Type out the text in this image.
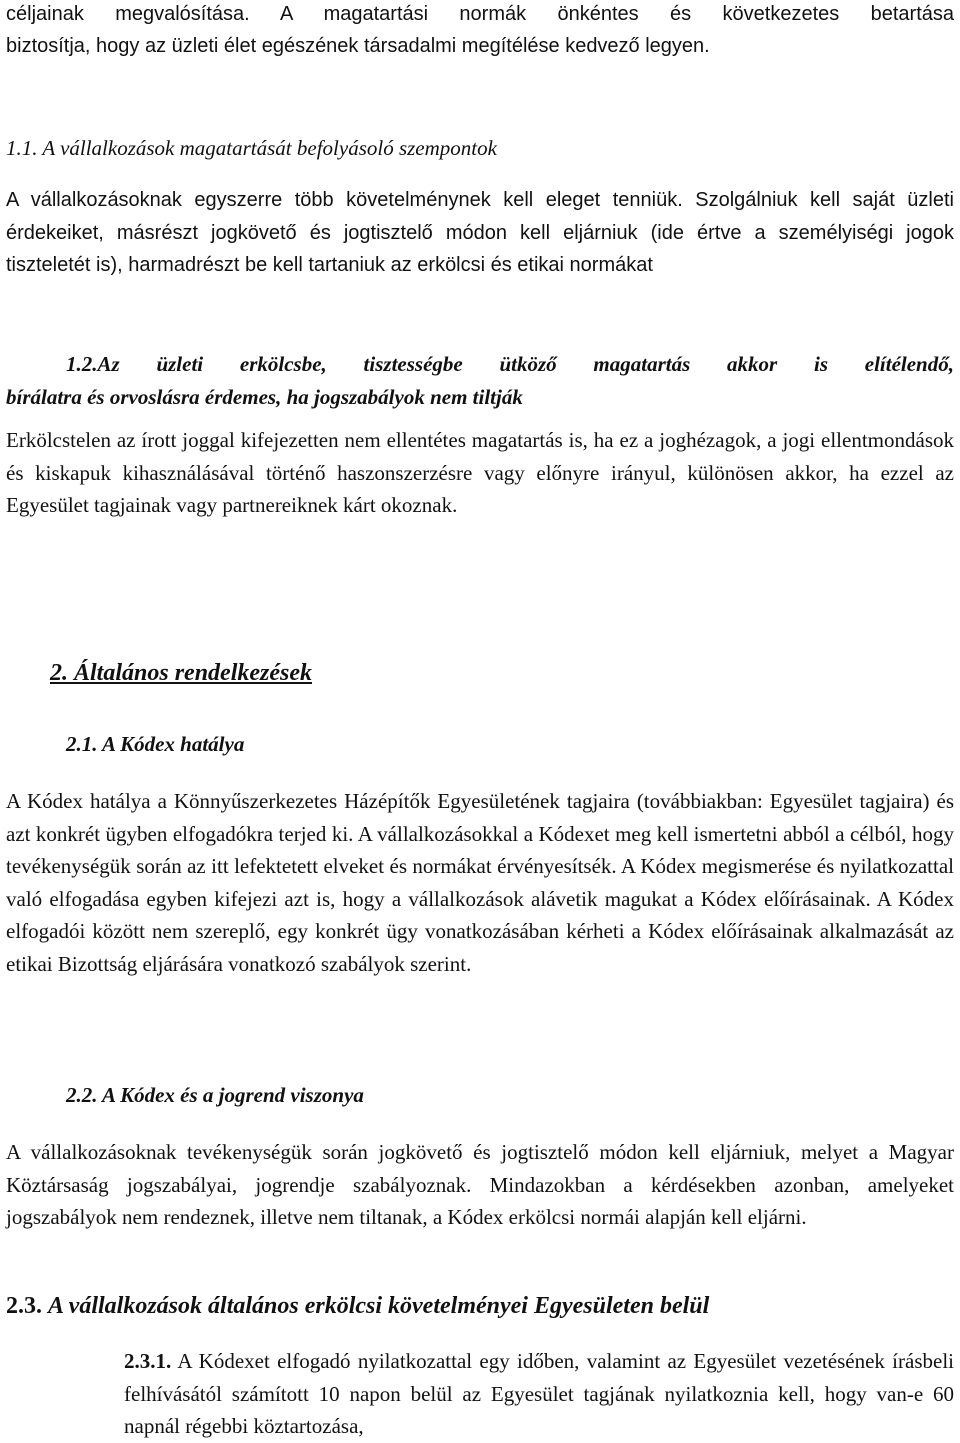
céljainak megvalósítása. A magatartási normák önkéntes és következetes betartása

biztosítja, hogy az üzleti élet egészének társadalmi megítélése kedvező legyen.

1.1. A vállalkozások magatartását befolyásoló szempontok

A vállalkozásoknak egyszerre több követelménynek kell eleget tenniük. Szolgálniuk kell saját üzleti érdekeiket, másrészt jogkövető és jogtisztelő módon kell eljárniuk (ide értve a személyiségi jogok tiszteletét is), harmadrészt be kell tartaniuk az erkölcsi és etikai normákat

1.2.Az üzleti erkölcsbe, tisztességbe ütköző magatartás akkor is elítélendő,

bírálatra és orvoslásra érdemes, ha jogszabályok nem tiltják

Erkölcstelen az írott joggal kifejezetten nem ellentétes magatartás is, ha ez a joghézagok, a jogi ellentmondások és kiskapuk kihasználásával történő haszonszerzésre vagy előnyre irányul, különösen akkor, ha ezzel az Egyesület tagjainak vagy partnereiknek kárt okoznak.

2. Általános rendelkezések

2.1. A Kódex hatálya

A Kódex hatálya a Könnyűszerkezetes Házépítők Egyesületének tagjaira (továbbiakban: Egyesület tagjaira) és azt konkrét ügyben elfogadókra terjed ki. A vállalkozásokkal a Kódexet meg kell ismertetni abból a célból, hogy tevékenységük során az itt lefektetett elveket és normákat érvényesítsék. A Kódex megismerése és nyilatkozattal való elfogadása egyben kifejezi azt is, hogy a vállalkozások alávetik magukat a Kódex előírásainak. A Kódex elfogadói között nem szereplő, egy konkrét ügy vonatkozásában kérheti a Kódex előírásainak alkalmazását az etikai Bizottság eljárására vonatkozó szabályok szerint.

2.2. A Kódex és a jogrend viszonya

A vállalkozásoknak tevékenységük során jogkövető és jogtisztelő módon kell eljárniuk, melyet a Magyar Köztársaság jogszabályai, jogrendje szabályoznak. Mindazokban a kérdésekben azonban, amelyeket jogszabályok nem rendeznek, illetve nem tiltanak, a Kódex erkölcsi normái alapján kell eljárni.

2.3. A vállalkozások általános erkölcsi követelményei Egyesületen belül

2.3.1. A Kódexet elfogadó nyilatkozattal egy időben, valamint az Egyesület vezetésének írásbeli felhívásától számított 10 napon belül az Egyesület tagjának nyilatkoznia kell, hogy van-e 60 napnál régebbi köztartozása,
